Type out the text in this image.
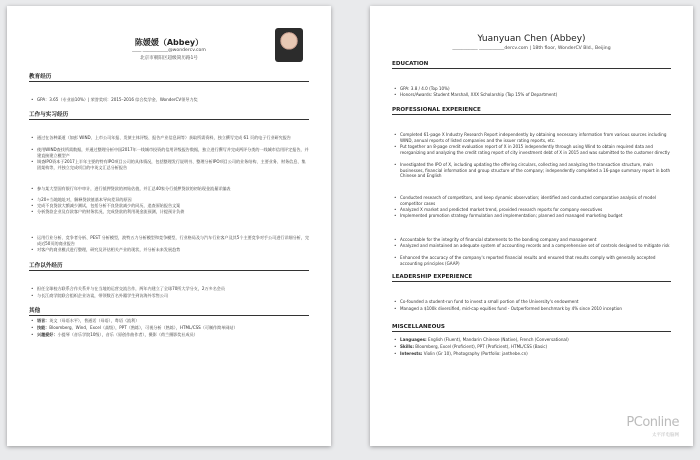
陈媛媛（Abbey）
____ ___________@wondercv.com
北京市朝阳区超级简历路1号
教育经历
• GPA：3.65（专业前10%）| 荣誉奖项：2015–2016 综合奖学金、WonderCV领导力奖
工作与实习经历
• 通过在各种渠道（如彭 WIND、上市公司年报、发债主体评级、报告产业信息网等）获取所需资料，独立撰写完成 61 页的电子行业研究报告
• 使用WIND查找所需数据，并通过整理分析中国2017年一线城市投资的信用评级报告数据，独立进行撰写并完成两评分类的一线城市信用评定报告，并建直接建立模型产
• 调查IPO资本于2017上半年主要的特有IPO项目公司的具体情况，包括整理发行说明书、整理分析IPO项目公司的业务结构、主要业务、财务信息、集团架构等，并独立完成项目的中英文汇总分析报告
• 参与某大型国有银行年中审计，进行抵押贷款的初始估值，并汇总40家分行抵押贷款的初始现金流量详编表
• 与20+当地地址对，解释贷款值基本导向差异的原因
• 完成不良贷款大额减少测试，包括分析不良贷款减少的同历，追查原始报告文案
• 分析贷款企业及存款客户的财务状况，完成贷款的利用现金流预测，计提预计负债
• 运用行业分析、竞争者分析、PEST 分析模型，波特五力分析模型和竞争模型，行业格局及与汽车行业客户及其5个主要竞争对手公司进行详细分析，完成近50页的商业报告
• 对客户的商业模式进行整理，研究及评估相关产业的现状，并分析未来发展趋势
工作以外经历
• 担任全球校方联系合作关系并与在当地的运营交流合作，两年内建立了全球70所大学分支，2万多名会员
• 与长江商学院联合组织企业访谈，带领数百名外籍学生到访海外零售公司
其他
• 语言：英文（母语水平），普通话（母语），粤语（流利）
• 技能：Bloomberg，Wind，Excel（高级），PPT（熟练），可视分析（熟练），HTML/CSS（可制作简单网站）
• 兴趣爱好：小提琴（音乐学院10级），音乐（原创作曲作者），摄影（荷兰摄影奖社成员）
Yuanyuan Chen (Abbey)
___________ ___________dercv.com | 18th floor, WonderCV Bld., Beijing
EDUCATION
• GPA: 3.8 / 4.0 (Top 10%)
• Honors/Awards: Student Marshall, XXX Scholarship (Top 15% of Department)
PROFESSIONAL EXPERIENCE
• Completed 61-page X Industry Research Report independently by obtaining necessary information from various sources including WIND, annual reports of listed companies and the issuer rating reports, etc.
• Put together an 8-page credit evaluation report of X in 2015 independently through using Wind to obtain required data and reorganizing and analyzing the credit rating report of city investment debt of X in 2015 and was submitted to the customer directly
• Investigated the IPO of X, including updating the offering circulars, collecting and analyzing the transaction structure, main businesses, financial information and group structure of the company; independently completed a 16-page summary report in both Chinese and English
• Conducted research of competitors, and keep dynamic observation; identified and conducted comparative analysis of model competitor cases
• Analyzed X market and predicted market trend, provided research reports for company executives
• Implemented promotion strategy formulation and implementation; planned and managed marketing budget
• Accountable for the integrity of financial statements to the bonding company and management
• Analyzed and maintained an adequate system of accounting records and a comprehensive set of controls designed to mitigate risk
• Enhanced the accuracy of the company's reported financial results and ensured that results comply with generally accepted accounting principles (GAAP)
LEADERSHIP EXPERIENCE
• Co-founded a student-run fund to invest a small portion of the University's endowment
• Managed a $100k diversified, mid-cap equities fund - Outperformed benchmark by 4% since 2010 inception
MISCELLANEOUS
• Languages: English (Fluent), Mandarin Chinese (Native), French (Conversational)
• Skills: Bloomberg, Excel (Proficient), PPT (Proficient), HTML/CSS (Basic)
• Interests: Violin (Gr 10), Photography (Portfolio: janthebe.cn)
PConline
太平洋电脑网
